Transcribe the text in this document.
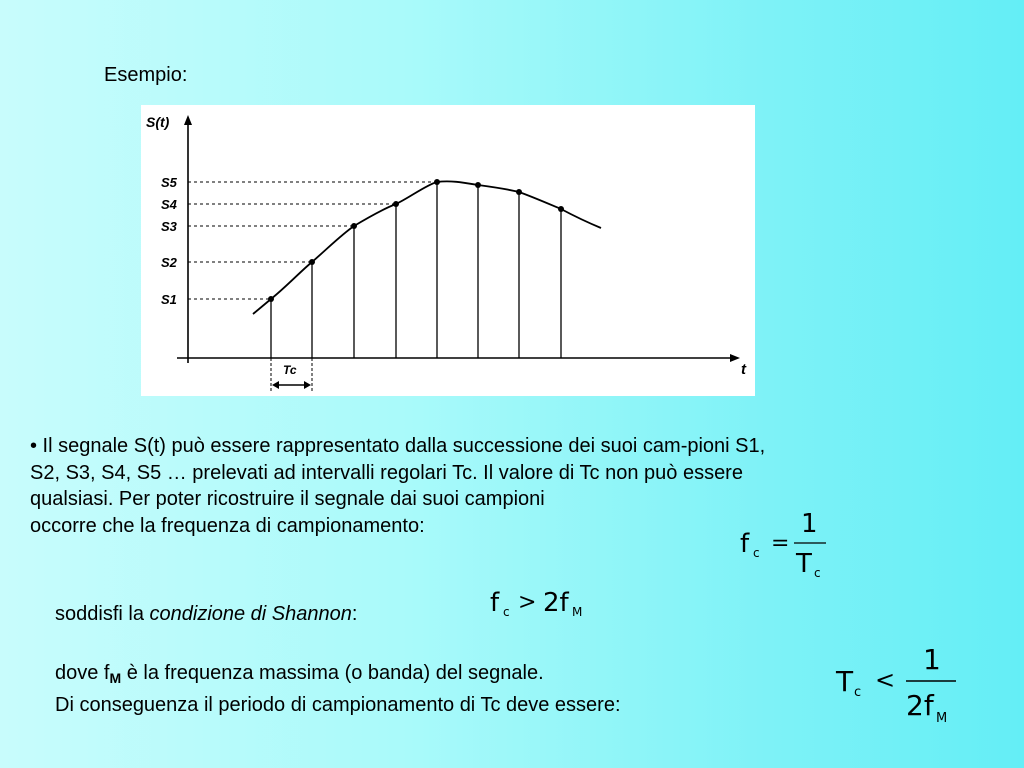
Esempio:
S(t)
t
S5
S4
S3
S2
S1
Tc
• Il segnale S(t) può essere rappresentato dalla successione dei suoi cam-pioni S1,
S2, S3, S4, S5 … prelevati ad intervalli regolari Tc. Il valore di Tc non può essere
qualsiasi. Per poter ricostruire il segnale dai suoi campioni
occorre che la frequenza di campionamento:
f c =
1
T c
soddisfi la condizione di Shannon:	f c > 2f M
dove $f_M$ è la frequenza massima (o banda) del segnale.
Di conseguenza il periodo di campionamento di Tc deve essere:
T c <
1
2f M
